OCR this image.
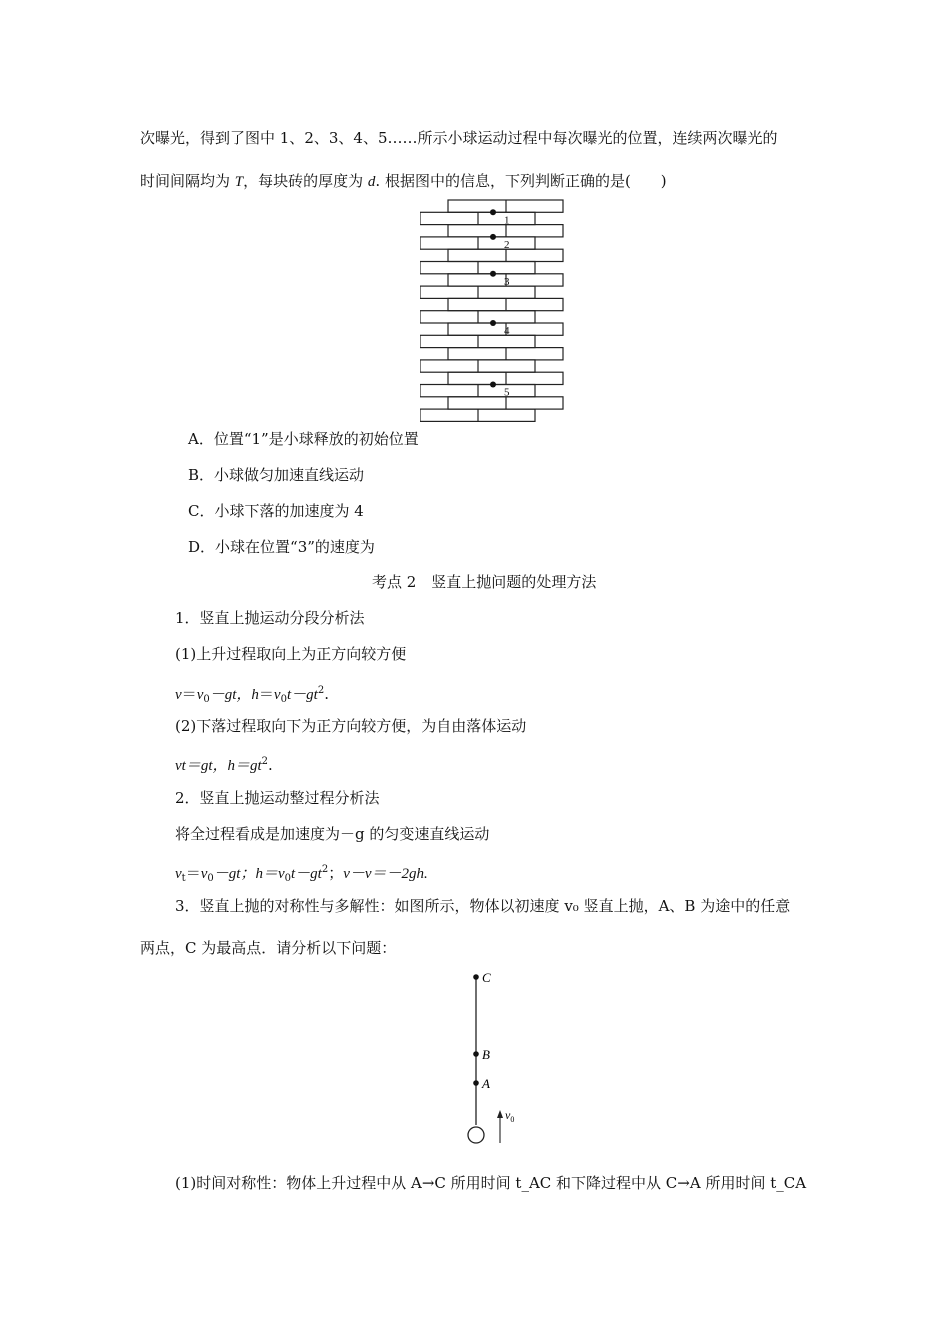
次曝光，得到了图中 1、2、3、4、5……所示小球运动过程中每次曝光的位置，连续两次曝光的
时间间隔均为 T，每块砖的厚度为 d. 根据图中的信息，下列判断正确的是(　　)
1
2
3
4
5
A．位置“1”是小球释放的初始位置
B．小球做匀加速直线运动
C．小球下落的加速度为 4
D．小球在位置“3”的速度为
考点 2　竖直上抛问题的处理方法
1．竖直上抛运动分段分析法
(1)上升过程取向上为正方向较方便
$v=v_0-gt$，$h=v_0t-gt^2$.
(2)下落过程取向下为正方向较方便，为自由落体运动
vt＝gt，$h=gt^2$.
2．竖直上抛运动整过程分析法
将全过程看成是加速度为－g 的匀变速直线运动
$v_t=v_0-gt$；$h=v_0t-gt^2$；v－v＝－2gh.
3．竖直上抛的对称性与多解性：如图所示，物体以初速度 v₀ 竖直上抛，A、B 为途中的任意
两点，C 为最高点．请分析以下问题：
C
B
A
$v_0$
(1)时间对称性：物体上升过程中从 A→C 所用时间 t_AC 和下降过程中从 C→A 所用时间 t_CA
